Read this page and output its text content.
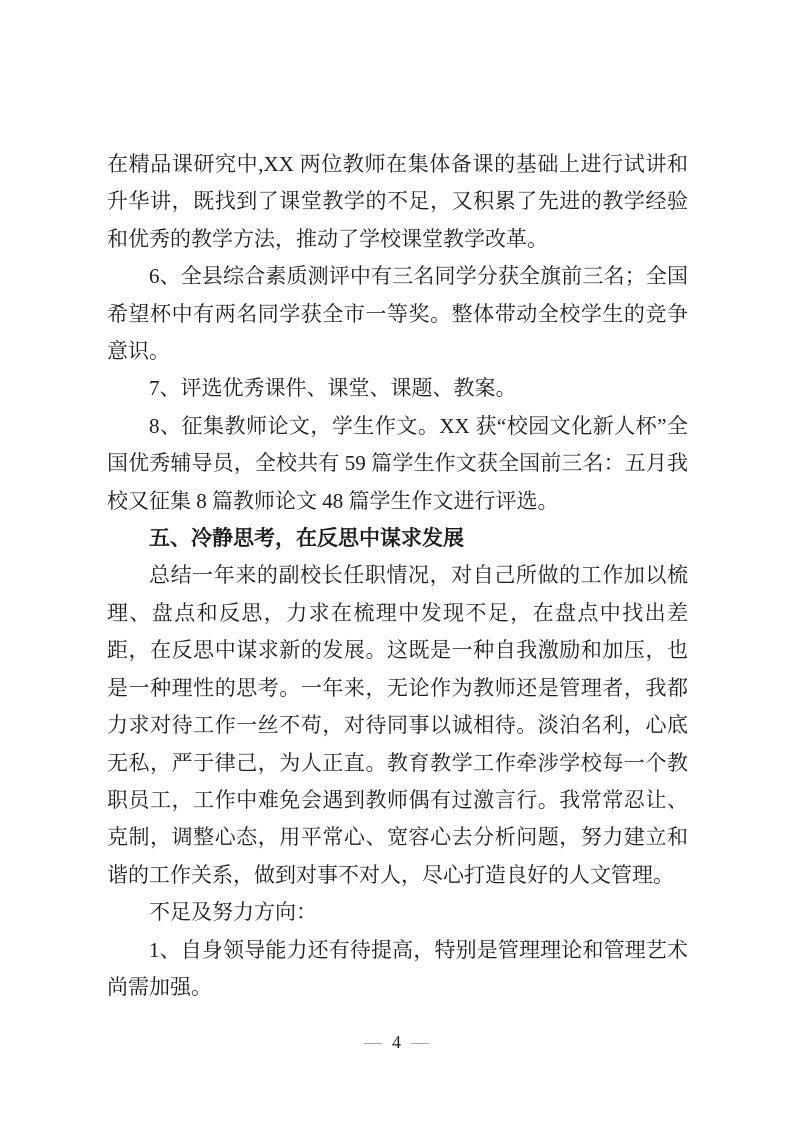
在精品课研究中,XX 两位教师在集体备课的基础上进行试讲和升华讲，既找到了课堂教学的不足，又积累了先进的教学经验和优秀的教学方法，推动了学校课堂教学改革。

6、全县综合素质测评中有三名同学分获全旗前三名；全国希望杯中有两名同学获全市一等奖。整体带动全校学生的竞争意识。

7、评选优秀课件、课堂、课题、教案。

8、征集教师论文，学生作文。XX 获“校园文化新人杯”全国优秀辅导员，全校共有 59 篇学生作文获全国前三名：五月我校又征集 8 篇教师论文 48 篇学生作文进行评选。

五、冷静思考，在反思中谋求发展

总结一年来的副校长任职情况，对自己所做的工作加以梳理、盘点和反思，力求在梳理中发现不足，在盘点中找出差距，在反思中谋求新的发展。这既是一种自我激励和加压，也是一种理性的思考。一年来，无论作为教师还是管理者，我都力求对待工作一丝不苟，对待同事以诚相待。淡泊名利，心底无私，严于律己，为人正直。教育教学工作牵涉学校每一个教职员工，工作中难免会遇到教师偶有过激言行。我常常忍让、克制，调整心态，用平常心、宽容心去分析问题，努力建立和谐的工作关系，做到对事不对人，尽心打造良好的人文管理。

不足及努力方向：

1、自身领导能力还有待提高，特别是管理理论和管理艺术尚需加强。

— 4 —
